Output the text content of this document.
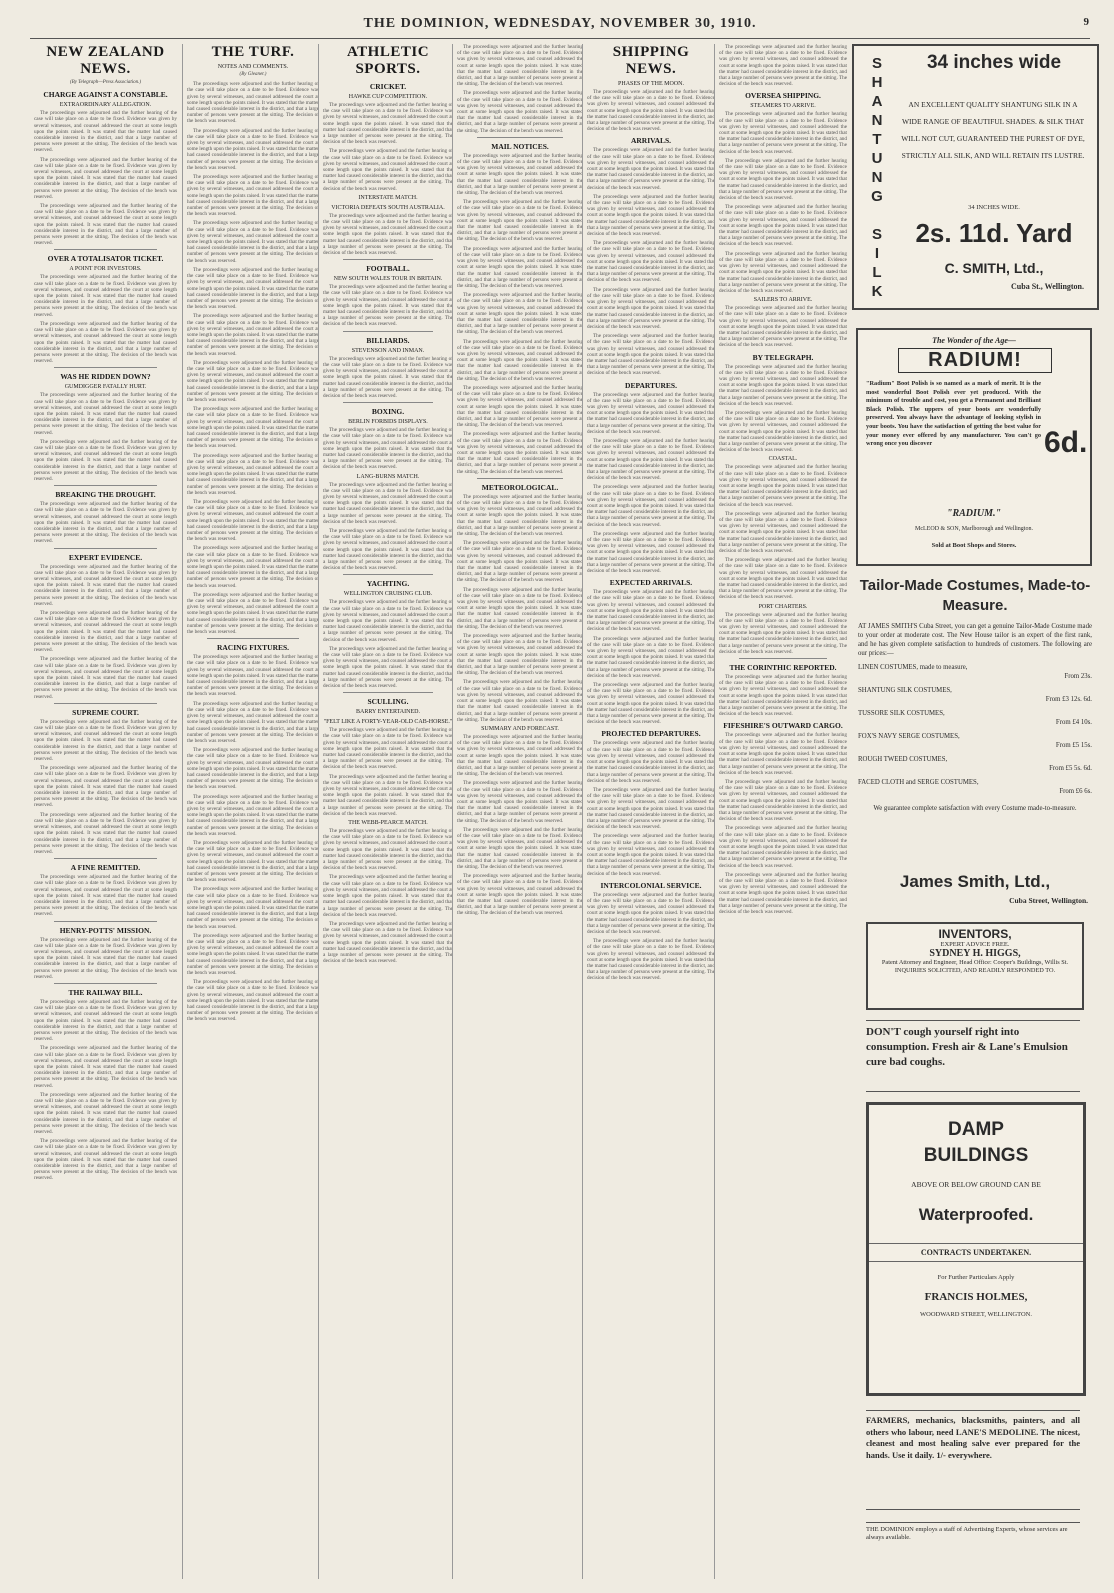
THE DOMINION, WEDNESDAY, NOVEMBER 30, 1910.	9
NEW ZEALAND NEWS.
(By Telegraph—Press Association.)
CHARGE AGAINST A CONSTABLE.
EXTRAORDINARY ALLEGATION.

The proceedings were adjourned and the further hearing of the case will take place on a date to be fixed. Evidence was given by several witnesses, and counsel addressed the court at some length upon the points raised. It was stated that the matter had caused considerable interest in the district, and that a large number of persons were present at the sitting. The decision of the bench was reserved.

The proceedings were adjourned and the further hearing of the case will take place on a date to be fixed. Evidence was given by several witnesses, and counsel addressed the court at some length upon the points raised. It was stated that the matter had caused considerable interest in the district, and that a large number of persons were present at the sitting. The decision of the bench was reserved.

The proceedings were adjourned and the further hearing of the case will take place on a date to be fixed. Evidence was given by several witnesses, and counsel addressed the court at some length upon the points raised. It was stated that the matter had caused considerable interest in the district, and that a large number of persons were present at the sitting. The decision of the bench was reserved.

OVER A TOTALISATOR TICKET.
A POINT FOR INVESTORS.

The proceedings were adjourned and the further hearing of the case will take place on a date to be fixed. Evidence was given by several witnesses, and counsel addressed the court at some length upon the points raised. It was stated that the matter had caused considerable interest in the district, and that a large number of persons were present at the sitting. The decision of the bench was reserved.

The proceedings were adjourned and the further hearing of the case will take place on a date to be fixed. Evidence was given by several witnesses, and counsel addressed the court at some length upon the points raised. It was stated that the matter had caused considerable interest in the district, and that a large number of persons were present at the sitting. The decision of the bench was reserved.

WAS HE RIDDEN DOWN?
GUMDIGGER FATALLY HURT.

The proceedings were adjourned and the further hearing of the case will take place on a date to be fixed. Evidence was given by several witnesses, and counsel addressed the court at some length upon the points raised. It was stated that the matter had caused considerable interest in the district, and that a large number of persons were present at the sitting. The decision of the bench was reserved.

The proceedings were adjourned and the further hearing of the case will take place on a date to be fixed. Evidence was given by several witnesses, and counsel addressed the court at some length upon the points raised. It was stated that the matter had caused considerable interest in the district, and that a large number of persons were present at the sitting. The decision of the bench was reserved.

BREAKING THE DROUGHT.

The proceedings were adjourned and the further hearing of the case will take place on a date to be fixed. Evidence was given by several witnesses, and counsel addressed the court at some length upon the points raised. It was stated that the matter had caused considerable interest in the district, and that a large number of persons were present at the sitting. The decision of the bench was reserved.

EXPERT EVIDENCE.

The proceedings were adjourned and the further hearing of the case will take place on a date to be fixed. Evidence was given by several witnesses, and counsel addressed the court at some length upon the points raised. It was stated that the matter had caused considerable interest in the district, and that a large number of persons were present at the sitting. The decision of the bench was reserved.

The proceedings were adjourned and the further hearing of the case will take place on a date to be fixed. Evidence was given by several witnesses, and counsel addressed the court at some length upon the points raised. It was stated that the matter had caused considerable interest in the district, and that a large number of persons were present at the sitting. The decision of the bench was reserved.

The proceedings were adjourned and the further hearing of the case will take place on a date to be fixed. Evidence was given by several witnesses, and counsel addressed the court at some length upon the points raised. It was stated that the matter had caused considerable interest in the district, and that a large number of persons were present at the sitting. The decision of the bench was reserved.

SUPREME COURT.

The proceedings were adjourned and the further hearing of the case will take place on a date to be fixed. Evidence was given by several witnesses, and counsel addressed the court at some length upon the points raised. It was stated that the matter had caused considerable interest in the district, and that a large number of persons were present at the sitting. The decision of the bench was reserved.

The proceedings were adjourned and the further hearing of the case will take place on a date to be fixed. Evidence was given by several witnesses, and counsel addressed the court at some length upon the points raised. It was stated that the matter had caused considerable interest in the district, and that a large number of persons were present at the sitting. The decision of the bench was reserved.

The proceedings were adjourned and the further hearing of the case will take place on a date to be fixed. Evidence was given by several witnesses, and counsel addressed the court at some length upon the points raised. It was stated that the matter had caused considerable interest in the district, and that a large number of persons were present at the sitting. The decision of the bench was reserved.

A FINE REMITTED.

The proceedings were adjourned and the further hearing of the case will take place on a date to be fixed. Evidence was given by several witnesses, and counsel addressed the court at some length upon the points raised. It was stated that the matter had caused considerable interest in the district, and that a large number of persons were present at the sitting. The decision of the bench was reserved.

HENRY-POTTS' MISSION.

The proceedings were adjourned and the further hearing of the case will take place on a date to be fixed. Evidence was given by several witnesses, and counsel addressed the court at some length upon the points raised. It was stated that the matter had caused considerable interest in the district, and that a large number of persons were present at the sitting. The decision of the bench was reserved.

THE RAILWAY BILL.

The proceedings were adjourned and the further hearing of the case will take place on a date to be fixed. Evidence was given by several witnesses, and counsel addressed the court at some length upon the points raised. It was stated that the matter had caused considerable interest in the district, and that a large number of persons were present at the sitting. The decision of the bench was reserved.

The proceedings were adjourned and the further hearing of the case will take place on a date to be fixed. Evidence was given by several witnesses, and counsel addressed the court at some length upon the points raised. It was stated that the matter had caused considerable interest in the district, and that a large number of persons were present at the sitting. The decision of the bench was reserved.

The proceedings were adjourned and the further hearing of the case will take place on a date to be fixed. Evidence was given by several witnesses, and counsel addressed the court at some length upon the points raised. It was stated that the matter had caused considerable interest in the district, and that a large number of persons were present at the sitting. The decision of the bench was reserved.

The proceedings were adjourned and the further hearing of the case will take place on a date to be fixed. Evidence was given by several witnesses, and counsel addressed the court at some length upon the points raised. It was stated that the matter had caused considerable interest in the district, and that a large number of persons were present at the sitting. The decision of the bench was reserved.

THE TURF.
NOTES AND COMMENTS.
(By Gleaner.)

The proceedings were adjourned and the further hearing of the case will take place on a date to be fixed. Evidence was given by several witnesses, and counsel addressed the court at some length upon the points raised. It was stated that the matter had caused considerable interest in the district, and that a large number of persons were present at the sitting. The decision of the bench was reserved.

The proceedings were adjourned and the further hearing of the case will take place on a date to be fixed. Evidence was given by several witnesses, and counsel addressed the court at some length upon the points raised. It was stated that the matter had caused considerable interest in the district, and that a large number of persons were present at the sitting. The decision of the bench was reserved.

The proceedings were adjourned and the further hearing of the case will take place on a date to be fixed. Evidence was given by several witnesses, and counsel addressed the court at some length upon the points raised. It was stated that the matter had caused considerable interest in the district, and that a large number of persons were present at the sitting. The decision of the bench was reserved.

The proceedings were adjourned and the further hearing of the case will take place on a date to be fixed. Evidence was given by several witnesses, and counsel addressed the court at some length upon the points raised. It was stated that the matter had caused considerable interest in the district, and that a large number of persons were present at the sitting. The decision of the bench was reserved.

The proceedings were adjourned and the further hearing of the case will take place on a date to be fixed. Evidence was given by several witnesses, and counsel addressed the court at some length upon the points raised. It was stated that the matter had caused considerable interest in the district, and that a large number of persons were present at the sitting. The decision of the bench was reserved.

The proceedings were adjourned and the further hearing of the case will take place on a date to be fixed. Evidence was given by several witnesses, and counsel addressed the court at some length upon the points raised. It was stated that the matter had caused considerable interest in the district, and that a large number of persons were present at the sitting. The decision of the bench was reserved.

The proceedings were adjourned and the further hearing of the case will take place on a date to be fixed. Evidence was given by several witnesses, and counsel addressed the court at some length upon the points raised. It was stated that the matter had caused considerable interest in the district, and that a large number of persons were present at the sitting. The decision of the bench was reserved.

The proceedings were adjourned and the further hearing of the case will take place on a date to be fixed. Evidence was given by several witnesses, and counsel addressed the court at some length upon the points raised. It was stated that the matter had caused considerable interest in the district, and that a large number of persons were present at the sitting. The decision of the bench was reserved.

The proceedings were adjourned and the further hearing of the case will take place on a date to be fixed. Evidence was given by several witnesses, and counsel addressed the court at some length upon the points raised. It was stated that the matter had caused considerable interest in the district, and that a large number of persons were present at the sitting. The decision of the bench was reserved.

The proceedings were adjourned and the further hearing of the case will take place on a date to be fixed. Evidence was given by several witnesses, and counsel addressed the court at some length upon the points raised. It was stated that the matter had caused considerable interest in the district, and that a large number of persons were present at the sitting. The decision of the bench was reserved.

The proceedings were adjourned and the further hearing of the case will take place on a date to be fixed. Evidence was given by several witnesses, and counsel addressed the court at some length upon the points raised. It was stated that the matter had caused considerable interest in the district, and that a large number of persons were present at the sitting. The decision of the bench was reserved.

The proceedings were adjourned and the further hearing of the case will take place on a date to be fixed. Evidence was given by several witnesses, and counsel addressed the court at some length upon the points raised. It was stated that the matter had caused considerable interest in the district, and that a large number of persons were present at the sitting. The decision of the bench was reserved.

RACING FIXTURES.

The proceedings were adjourned and the further hearing of the case will take place on a date to be fixed. Evidence was given by several witnesses, and counsel addressed the court at some length upon the points raised. It was stated that the matter had caused considerable interest in the district, and that a large number of persons were present at the sitting. The decision of the bench was reserved.

The proceedings were adjourned and the further hearing of the case will take place on a date to be fixed. Evidence was given by several witnesses, and counsel addressed the court at some length upon the points raised. It was stated that the matter had caused considerable interest in the district, and that a large number of persons were present at the sitting. The decision of the bench was reserved.

The proceedings were adjourned and the further hearing of the case will take place on a date to be fixed. Evidence was given by several witnesses, and counsel addressed the court at some length upon the points raised. It was stated that the matter had caused considerable interest in the district, and that a large number of persons were present at the sitting. The decision of the bench was reserved.

The proceedings were adjourned and the further hearing of the case will take place on a date to be fixed. Evidence was given by several witnesses, and counsel addressed the court at some length upon the points raised. It was stated that the matter had caused considerable interest in the district, and that a large number of persons were present at the sitting. The decision of the bench was reserved.

The proceedings were adjourned and the further hearing of the case will take place on a date to be fixed. Evidence was given by several witnesses, and counsel addressed the court at some length upon the points raised. It was stated that the matter had caused considerable interest in the district, and that a large number of persons were present at the sitting. The decision of the bench was reserved.

The proceedings were adjourned and the further hearing of the case will take place on a date to be fixed. Evidence was given by several witnesses, and counsel addressed the court at some length upon the points raised. It was stated that the matter had caused considerable interest in the district, and that a large number of persons were present at the sitting. The decision of the bench was reserved.

The proceedings were adjourned and the further hearing of the case will take place on a date to be fixed. Evidence was given by several witnesses, and counsel addressed the court at some length upon the points raised. It was stated that the matter had caused considerable interest in the district, and that a large number of persons were present at the sitting. The decision of the bench was reserved.

The proceedings were adjourned and the further hearing of the case will take place on a date to be fixed. Evidence was given by several witnesses, and counsel addressed the court at some length upon the points raised. It was stated that the matter had caused considerable interest in the district, and that a large number of persons were present at the sitting. The decision of the bench was reserved.

ATHLETIC SPORTS.
CRICKET.
HAWKE CUP COMPETITION.

The proceedings were adjourned and the further hearing of the case will take place on a date to be fixed. Evidence was given by several witnesses, and counsel addressed the court at some length upon the points raised. It was stated that the matter had caused considerable interest in the district, and that a large number of persons were present at the sitting. The decision of the bench was reserved.

The proceedings were adjourned and the further hearing of the case will take place on a date to be fixed. Evidence was given by several witnesses, and counsel addressed the court at some length upon the points raised. It was stated that the matter had caused considerable interest in the district, and that a large number of persons were present at the sitting. The decision of the bench was reserved.

INTERSTATE MATCH.
VICTORIA DEFEATS SOUTH AUSTRALIA.

The proceedings were adjourned and the further hearing of the case will take place on a date to be fixed. Evidence was given by several witnesses, and counsel addressed the court at some length upon the points raised. It was stated that the matter had caused considerable interest in the district, and that a large number of persons were present at the sitting. The decision of the bench was reserved.

FOOTBALL.
NEW SOUTH WALES TOUR IN BRITAIN.

The proceedings were adjourned and the further hearing of the case will take place on a date to be fixed. Evidence was given by several witnesses, and counsel addressed the court at some length upon the points raised. It was stated that the matter had caused considerable interest in the district, and that a large number of persons were present at the sitting. The decision of the bench was reserved.

BILLIARDS.
STEVENSON AND INMAN.

The proceedings were adjourned and the further hearing of the case will take place on a date to be fixed. Evidence was given by several witnesses, and counsel addressed the court at some length upon the points raised. It was stated that the matter had caused considerable interest in the district, and that a large number of persons were present at the sitting. The decision of the bench was reserved.

BOXING.
BERLIN FORBIDS DISPLAYS.

The proceedings were adjourned and the further hearing of the case will take place on a date to be fixed. Evidence was given by several witnesses, and counsel addressed the court at some length upon the points raised. It was stated that the matter had caused considerable interest in the district, and that a large number of persons were present at the sitting. The decision of the bench was reserved.

LANG-BURNS MATCH.

The proceedings were adjourned and the further hearing of the case will take place on a date to be fixed. Evidence was given by several witnesses, and counsel addressed the court at some length upon the points raised. It was stated that the matter had caused considerable interest in the district, and that a large number of persons were present at the sitting. The decision of the bench was reserved.

The proceedings were adjourned and the further hearing of the case will take place on a date to be fixed. Evidence was given by several witnesses, and counsel addressed the court at some length upon the points raised. It was stated that the matter had caused considerable interest in the district, and that a large number of persons were present at the sitting. The decision of the bench was reserved.

YACHTING.
WELLINGTON CRUISING CLUB.

The proceedings were adjourned and the further hearing of the case will take place on a date to be fixed. Evidence was given by several witnesses, and counsel addressed the court at some length upon the points raised. It was stated that the matter had caused considerable interest in the district, and that a large number of persons were present at the sitting. The decision of the bench was reserved.

The proceedings were adjourned and the further hearing of the case will take place on a date to be fixed. Evidence was given by several witnesses, and counsel addressed the court at some length upon the points raised. It was stated that the matter had caused considerable interest in the district, and that a large number of persons were present at the sitting. The decision of the bench was reserved.

SCULLING.
BARRY ENTERTAINED.
"FELT LIKE A FORTY-YEAR-OLD CAB-HORSE."

The proceedings were adjourned and the further hearing of the case will take place on a date to be fixed. Evidence was given by several witnesses, and counsel addressed the court at some length upon the points raised. It was stated that the matter had caused considerable interest in the district, and that a large number of persons were present at the sitting. The decision of the bench was reserved.

The proceedings were adjourned and the further hearing of the case will take place on a date to be fixed. Evidence was given by several witnesses, and counsel addressed the court at some length upon the points raised. It was stated that the matter had caused considerable interest in the district, and that a large number of persons were present at the sitting. The decision of the bench was reserved.

THE WEBB-PEARCE MATCH.

The proceedings were adjourned and the further hearing of the case will take place on a date to be fixed. Evidence was given by several witnesses, and counsel addressed the court at some length upon the points raised. It was stated that the matter had caused considerable interest in the district, and that a large number of persons were present at the sitting. The decision of the bench was reserved.

The proceedings were adjourned and the further hearing of the case will take place on a date to be fixed. Evidence was given by several witnesses, and counsel addressed the court at some length upon the points raised. It was stated that the matter had caused considerable interest in the district, and that a large number of persons were present at the sitting. The decision of the bench was reserved.

The proceedings were adjourned and the further hearing of the case will take place on a date to be fixed. Evidence was given by several witnesses, and counsel addressed the court at some length upon the points raised. It was stated that the matter had caused considerable interest in the district, and that a large number of persons were present at the sitting. The decision of the bench was reserved.

The proceedings were adjourned and the further hearing of the case will take place on a date to be fixed. Evidence was given by several witnesses, and counsel addressed the court at some length upon the points raised. It was stated that the matter had caused considerable interest in the district, and that a large number of persons were present at the sitting. The decision of the bench was reserved.

The proceedings were adjourned and the further hearing of the case will take place on a date to be fixed. Evidence was given by several witnesses, and counsel addressed the court at some length upon the points raised. It was stated that the matter had caused considerable interest in the district, and that a large number of persons were present at the sitting. The decision of the bench was reserved.

MAIL NOTICES.

The proceedings were adjourned and the further hearing of the case will take place on a date to be fixed. Evidence was given by several witnesses, and counsel addressed the court at some length upon the points raised. It was stated that the matter had caused considerable interest in the district, and that a large number of persons were present at the sitting. The decision of the bench was reserved.

The proceedings were adjourned and the further hearing of the case will take place on a date to be fixed. Evidence was given by several witnesses, and counsel addressed the court at some length upon the points raised. It was stated that the matter had caused considerable interest in the district, and that a large number of persons were present at the sitting. The decision of the bench was reserved.

The proceedings were adjourned and the further hearing of the case will take place on a date to be fixed. Evidence was given by several witnesses, and counsel addressed the court at some length upon the points raised. It was stated that the matter had caused considerable interest in the district, and that a large number of persons were present at the sitting. The decision of the bench was reserved.

The proceedings were adjourned and the further hearing of the case will take place on a date to be fixed. Evidence was given by several witnesses, and counsel addressed the court at some length upon the points raised. It was stated that the matter had caused considerable interest in the district, and that a large number of persons were present at the sitting. The decision of the bench was reserved.

The proceedings were adjourned and the further hearing of the case will take place on a date to be fixed. Evidence was given by several witnesses, and counsel addressed the court at some length upon the points raised. It was stated that the matter had caused considerable interest in the district, and that a large number of persons were present at the sitting. The decision of the bench was reserved.

The proceedings were adjourned and the further hearing of the case will take place on a date to be fixed. Evidence was given by several witnesses, and counsel addressed the court at some length upon the points raised. It was stated that the matter had caused considerable interest in the district, and that a large number of persons were present at the sitting. The decision of the bench was reserved.

The proceedings were adjourned and the further hearing of the case will take place on a date to be fixed. Evidence was given by several witnesses, and counsel addressed the court at some length upon the points raised. It was stated that the matter had caused considerable interest in the district, and that a large number of persons were present at the sitting. The decision of the bench was reserved.

METEOROLOGICAL.

The proceedings were adjourned and the further hearing of the case will take place on a date to be fixed. Evidence was given by several witnesses, and counsel addressed the court at some length upon the points raised. It was stated that the matter had caused considerable interest in the district, and that a large number of persons were present at the sitting. The decision of the bench was reserved.

The proceedings were adjourned and the further hearing of the case will take place on a date to be fixed. Evidence was given by several witnesses, and counsel addressed the court at some length upon the points raised. It was stated that the matter had caused considerable interest in the district, and that a large number of persons were present at the sitting. The decision of the bench was reserved.

The proceedings were adjourned and the further hearing of the case will take place on a date to be fixed. Evidence was given by several witnesses, and counsel addressed the court at some length upon the points raised. It was stated that the matter had caused considerable interest in the district, and that a large number of persons were present at the sitting. The decision of the bench was reserved.

The proceedings were adjourned and the further hearing of the case will take place on a date to be fixed. Evidence was given by several witnesses, and counsel addressed the court at some length upon the points raised. It was stated that the matter had caused considerable interest in the district, and that a large number of persons were present at the sitting. The decision of the bench was reserved.

The proceedings were adjourned and the further hearing of the case will take place on a date to be fixed. Evidence was given by several witnesses, and counsel addressed the court at some length upon the points raised. It was stated that the matter had caused considerable interest in the district, and that a large number of persons were present at the sitting. The decision of the bench was reserved.

SUMMARY AND FORECAST.

The proceedings were adjourned and the further hearing of the case will take place on a date to be fixed. Evidence was given by several witnesses, and counsel addressed the court at some length upon the points raised. It was stated that the matter had caused considerable interest in the district, and that a large number of persons were present at the sitting. The decision of the bench was reserved.

The proceedings were adjourned and the further hearing of the case will take place on a date to be fixed. Evidence was given by several witnesses, and counsel addressed the court at some length upon the points raised. It was stated that the matter had caused considerable interest in the district, and that a large number of persons were present at the sitting. The decision of the bench was reserved.

The proceedings were adjourned and the further hearing of the case will take place on a date to be fixed. Evidence was given by several witnesses, and counsel addressed the court at some length upon the points raised. It was stated that the matter had caused considerable interest in the district, and that a large number of persons were present at the sitting. The decision of the bench was reserved.

The proceedings were adjourned and the further hearing of the case will take place on a date to be fixed. Evidence was given by several witnesses, and counsel addressed the court at some length upon the points raised. It was stated that the matter had caused considerable interest in the district, and that a large number of persons were present at the sitting. The decision of the bench was reserved.

SHIPPING NEWS.
PHASES OF THE MOON.

The proceedings were adjourned and the further hearing of the case will take place on a date to be fixed. Evidence was given by several witnesses, and counsel addressed the court at some length upon the points raised. It was stated that the matter had caused considerable interest in the district, and that a large number of persons were present at the sitting. The decision of the bench was reserved.

ARRIVALS.

The proceedings were adjourned and the further hearing of the case will take place on a date to be fixed. Evidence was given by several witnesses, and counsel addressed the court at some length upon the points raised. It was stated that the matter had caused considerable interest in the district, and that a large number of persons were present at the sitting. The decision of the bench was reserved.

The proceedings were adjourned and the further hearing of the case will take place on a date to be fixed. Evidence was given by several witnesses, and counsel addressed the court at some length upon the points raised. It was stated that the matter had caused considerable interest in the district, and that a large number of persons were present at the sitting. The decision of the bench was reserved.

The proceedings were adjourned and the further hearing of the case will take place on a date to be fixed. Evidence was given by several witnesses, and counsel addressed the court at some length upon the points raised. It was stated that the matter had caused considerable interest in the district, and that a large number of persons were present at the sitting. The decision of the bench was reserved.

The proceedings were adjourned and the further hearing of the case will take place on a date to be fixed. Evidence was given by several witnesses, and counsel addressed the court at some length upon the points raised. It was stated that the matter had caused considerable interest in the district, and that a large number of persons were present at the sitting. The decision of the bench was reserved.

The proceedings were adjourned and the further hearing of the case will take place on a date to be fixed. Evidence was given by several witnesses, and counsel addressed the court at some length upon the points raised. It was stated that the matter had caused considerable interest in the district, and that a large number of persons were present at the sitting. The decision of the bench was reserved.

DEPARTURES.

The proceedings were adjourned and the further hearing of the case will take place on a date to be fixed. Evidence was given by several witnesses, and counsel addressed the court at some length upon the points raised. It was stated that the matter had caused considerable interest in the district, and that a large number of persons were present at the sitting. The decision of the bench was reserved.

The proceedings were adjourned and the further hearing of the case will take place on a date to be fixed. Evidence was given by several witnesses, and counsel addressed the court at some length upon the points raised. It was stated that the matter had caused considerable interest in the district, and that a large number of persons were present at the sitting. The decision of the bench was reserved.

The proceedings were adjourned and the further hearing of the case will take place on a date to be fixed. Evidence was given by several witnesses, and counsel addressed the court at some length upon the points raised. It was stated that the matter had caused considerable interest in the district, and that a large number of persons were present at the sitting. The decision of the bench was reserved.

The proceedings were adjourned and the further hearing of the case will take place on a date to be fixed. Evidence was given by several witnesses, and counsel addressed the court at some length upon the points raised. It was stated that the matter had caused considerable interest in the district, and that a large number of persons were present at the sitting. The decision of the bench was reserved.

EXPECTED ARRIVALS.

The proceedings were adjourned and the further hearing of the case will take place on a date to be fixed. Evidence was given by several witnesses, and counsel addressed the court at some length upon the points raised. It was stated that the matter had caused considerable interest in the district, and that a large number of persons were present at the sitting. The decision of the bench was reserved.

The proceedings were adjourned and the further hearing of the case will take place on a date to be fixed. Evidence was given by several witnesses, and counsel addressed the court at some length upon the points raised. It was stated that the matter had caused considerable interest in the district, and that a large number of persons were present at the sitting. The decision of the bench was reserved.

The proceedings were adjourned and the further hearing of the case will take place on a date to be fixed. Evidence was given by several witnesses, and counsel addressed the court at some length upon the points raised. It was stated that the matter had caused considerable interest in the district, and that a large number of persons were present at the sitting. The decision of the bench was reserved.

PROJECTED DEPARTURES.

The proceedings were adjourned and the further hearing of the case will take place on a date to be fixed. Evidence was given by several witnesses, and counsel addressed the court at some length upon the points raised. It was stated that the matter had caused considerable interest in the district, and that a large number of persons were present at the sitting. The decision of the bench was reserved.

The proceedings were adjourned and the further hearing of the case will take place on a date to be fixed. Evidence was given by several witnesses, and counsel addressed the court at some length upon the points raised. It was stated that the matter had caused considerable interest in the district, and that a large number of persons were present at the sitting. The decision of the bench was reserved.

The proceedings were adjourned and the further hearing of the case will take place on a date to be fixed. Evidence was given by several witnesses, and counsel addressed the court at some length upon the points raised. It was stated that the matter had caused considerable interest in the district, and that a large number of persons were present at the sitting. The decision of the bench was reserved.

INTERCOLONIAL SERVICE.

The proceedings were adjourned and the further hearing of the case will take place on a date to be fixed. Evidence was given by several witnesses, and counsel addressed the court at some length upon the points raised. It was stated that the matter had caused considerable interest in the district, and that a large number of persons were present at the sitting. The decision of the bench was reserved.

The proceedings were adjourned and the further hearing of the case will take place on a date to be fixed. Evidence was given by several witnesses, and counsel addressed the court at some length upon the points raised. It was stated that the matter had caused considerable interest in the district, and that a large number of persons were present at the sitting. The decision of the bench was reserved.

The proceedings were adjourned and the further hearing of the case will take place on a date to be fixed. Evidence was given by several witnesses, and counsel addressed the court at some length upon the points raised. It was stated that the matter had caused considerable interest in the district, and that a large number of persons were present at the sitting. The decision of the bench was reserved.

OVERSEA SHIPPING.
STEAMERS TO ARRIVE.

The proceedings were adjourned and the further hearing of the case will take place on a date to be fixed. Evidence was given by several witnesses, and counsel addressed the court at some length upon the points raised. It was stated that the matter had caused considerable interest in the district, and that a large number of persons were present at the sitting. The decision of the bench was reserved.

The proceedings were adjourned and the further hearing of the case will take place on a date to be fixed. Evidence was given by several witnesses, and counsel addressed the court at some length upon the points raised. It was stated that the matter had caused considerable interest in the district, and that a large number of persons were present at the sitting. The decision of the bench was reserved.

The proceedings were adjourned and the further hearing of the case will take place on a date to be fixed. Evidence was given by several witnesses, and counsel addressed the court at some length upon the points raised. It was stated that the matter had caused considerable interest in the district, and that a large number of persons were present at the sitting. The decision of the bench was reserved.

The proceedings were adjourned and the further hearing of the case will take place on a date to be fixed. Evidence was given by several witnesses, and counsel addressed the court at some length upon the points raised. It was stated that the matter had caused considerable interest in the district, and that a large number of persons were present at the sitting. The decision of the bench was reserved.

SAILERS TO ARRIVE.

The proceedings were adjourned and the further hearing of the case will take place on a date to be fixed. Evidence was given by several witnesses, and counsel addressed the court at some length upon the points raised. It was stated that the matter had caused considerable interest in the district, and that a large number of persons were present at the sitting. The decision of the bench was reserved.

BY TELEGRAPH.

The proceedings were adjourned and the further hearing of the case will take place on a date to be fixed. Evidence was given by several witnesses, and counsel addressed the court at some length upon the points raised. It was stated that the matter had caused considerable interest in the district, and that a large number of persons were present at the sitting. The decision of the bench was reserved.

The proceedings were adjourned and the further hearing of the case will take place on a date to be fixed. Evidence was given by several witnesses, and counsel addressed the court at some length upon the points raised. It was stated that the matter had caused considerable interest in the district, and that a large number of persons were present at the sitting. The decision of the bench was reserved.

COASTAL.

The proceedings were adjourned and the further hearing of the case will take place on a date to be fixed. Evidence was given by several witnesses, and counsel addressed the court at some length upon the points raised. It was stated that the matter had caused considerable interest in the district, and that a large number of persons were present at the sitting. The decision of the bench was reserved.

The proceedings were adjourned and the further hearing of the case will take place on a date to be fixed. Evidence was given by several witnesses, and counsel addressed the court at some length upon the points raised. It was stated that the matter had caused considerable interest in the district, and that a large number of persons were present at the sitting. The decision of the bench was reserved.

The proceedings were adjourned and the further hearing of the case will take place on a date to be fixed. Evidence was given by several witnesses, and counsel addressed the court at some length upon the points raised. It was stated that the matter had caused considerable interest in the district, and that a large number of persons were present at the sitting. The decision of the bench was reserved.

PORT CHARTERS.

The proceedings were adjourned and the further hearing of the case will take place on a date to be fixed. Evidence was given by several witnesses, and counsel addressed the court at some length upon the points raised. It was stated that the matter had caused considerable interest in the district, and that a large number of persons were present at the sitting. The decision of the bench was reserved.

THE CORINTHIC REPORTED.

The proceedings were adjourned and the further hearing of the case will take place on a date to be fixed. Evidence was given by several witnesses, and counsel addressed the court at some length upon the points raised. It was stated that the matter had caused considerable interest in the district, and that a large number of persons were present at the sitting. The decision of the bench was reserved.

FIFESHIRE'S OUTWARD CARGO.

The proceedings were adjourned and the further hearing of the case will take place on a date to be fixed. Evidence was given by several witnesses, and counsel addressed the court at some length upon the points raised. It was stated that the matter had caused considerable interest in the district, and that a large number of persons were present at the sitting. The decision of the bench was reserved.

The proceedings were adjourned and the further hearing of the case will take place on a date to be fixed. Evidence was given by several witnesses, and counsel addressed the court at some length upon the points raised. It was stated that the matter had caused considerable interest in the district, and that a large number of persons were present at the sitting. The decision of the bench was reserved.

The proceedings were adjourned and the further hearing of the case will take place on a date to be fixed. Evidence was given by several witnesses, and counsel addressed the court at some length upon the points raised. It was stated that the matter had caused considerable interest in the district, and that a large number of persons were present at the sitting. The decision of the bench was reserved.

The proceedings were adjourned and the further hearing of the case will take place on a date to be fixed. Evidence was given by several witnesses, and counsel addressed the court at some length upon the points raised. It was stated that the matter had caused considerable interest in the district, and that a large number of persons were present at the sitting. The decision of the bench was reserved.

S
H
A
N
T
U
N
G
S
I
L
K
34 inches wide
AN EXCELLENT QUALITY SHANTUNG SILK IN A WIDE RANGE OF BEAUTIFUL SHADES. & SILK THAT WILL NOT CUT, GUARANTEED THE PUREST OF DYE, STRICTLY ALL SILK, AND WILL RETAIN ITS LUSTRE.
34 INCHES WIDE.
2s. 11d. Yard
C. SMITH, Ltd.,
Cuba St., Wellington.
The Wonder of the Age—
RADIUM!
"Radium" Boot Polish is so named as a mark of merit. It is the most wonderful Boot Polish ever yet produced. With the minimum of trouble and cost, you get a Permanent and Brilliant Black Polish. The uppers of your boots are wonderfully preserved. You always have the advantage of looking stylish in your boots. You have the satisfaction of getting the best value for your money ever offered by any manufacturer. You can't go wrong once you discover	6d.
"RADIUM."
McLEOD & SON, Marlborough and Wellington.
Sold at Boot Shops and Stores.
Tailor-Made Costumes, Made-to-Measure.
AT JAMES SMITH'S Cuba Street, you can get a genuine Tailor-Made Costume made to your order at moderate cost. The New House tailor is an expert of the first rank, and he has given complete satisfaction to hundreds of customers. The following are our prices:—
LINEN COSTUMES, made to measure,
From 23s.
SHANTUNG SILK COSTUMES,
From £3 12s. 6d.
TUSSORE SILK COSTUMES,
From £4 10s.
FOX'S NAVY SERGE COSTUMES,
From £5 15s.
ROUGH TWEED COSTUMES,
From £5 5s. 6d.
FACED CLOTH and SERGE COSTUMES,
From £6 6s.
We guarantee complete satisfaction with every Costume made-to-measure.
James Smith, Ltd.,
Cuba Street, Wellington.
INVENTORS,
EXPERT ADVICE FREE.
SYDNEY H. HIGGS,
Patent Attorney and Engineer, Head Office: Cooper's Buildings, Willis St. INQUIRIES SOLICITED, AND READILY RESPONDED TO.
DON'T cough yourself right into consumption. Fresh air & Lane's Emulsion cure bad coughs.
DAMP BUILDINGS
ABOVE OR BELOW GROUND CAN BE
Waterproofed.
CONTRACTS UNDERTAKEN.
For Further Particulars Apply
FRANCIS HOLMES,
WOODWARD STREET, WELLINGTON.
FARMERS, mechanics, blacksmiths, painters, and all others who labour, need LANE'S MEDOLINE. The nicest, cleanest and most healing salve ever prepared for the hands. Use it daily. 1/- everywhere.
THE DOMINION employs a staff of Advertising Experts, whose services are always available.
